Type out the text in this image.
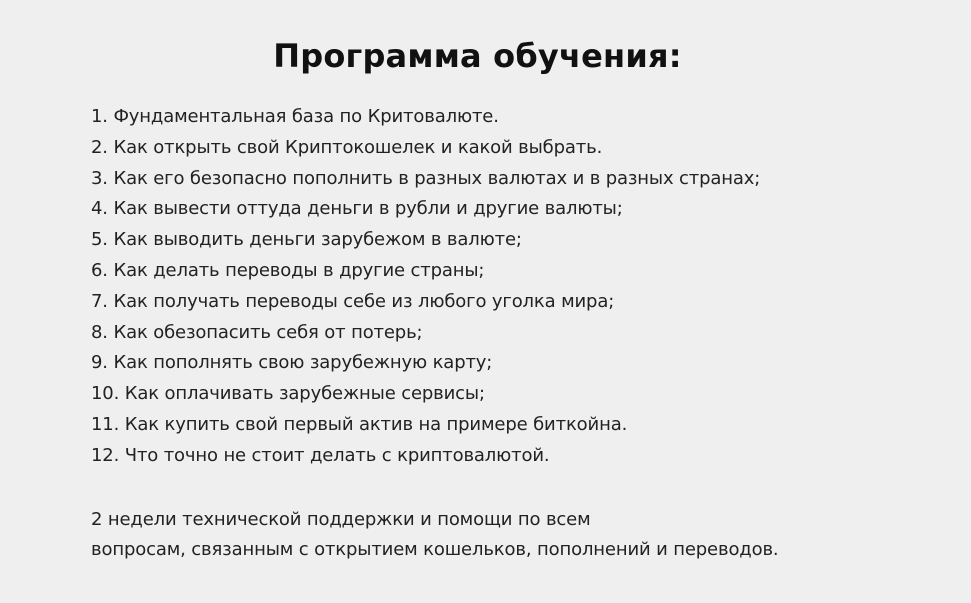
Программа обучения:
1. Фундаментальная база по Критовалюте.
2. Как открыть свой Криптокошелек и какой выбрать.
3. Как его безопасно пополнить в разных валютах и в разных странах;
4. Как вывести оттуда деньги в рубли и другие валюты;
5. Как выводить деньги зарубежом в валюте;
6. Как делать переводы в другие страны;
7. Как получать переводы себе из любого уголка мира;
8. Как обезопасить себя от потерь;
9. Как пополнять свою зарубежную карту;
10. Как оплачивать зарубежные сервисы;
11. Как купить свой первый актив на примере биткойна.
12. Что точно не стоит делать с криптовалютой.

2 недели технической поддержки и помощи по всем
вопросам, связанным с открытием кошельков, пополнений и переводов.
